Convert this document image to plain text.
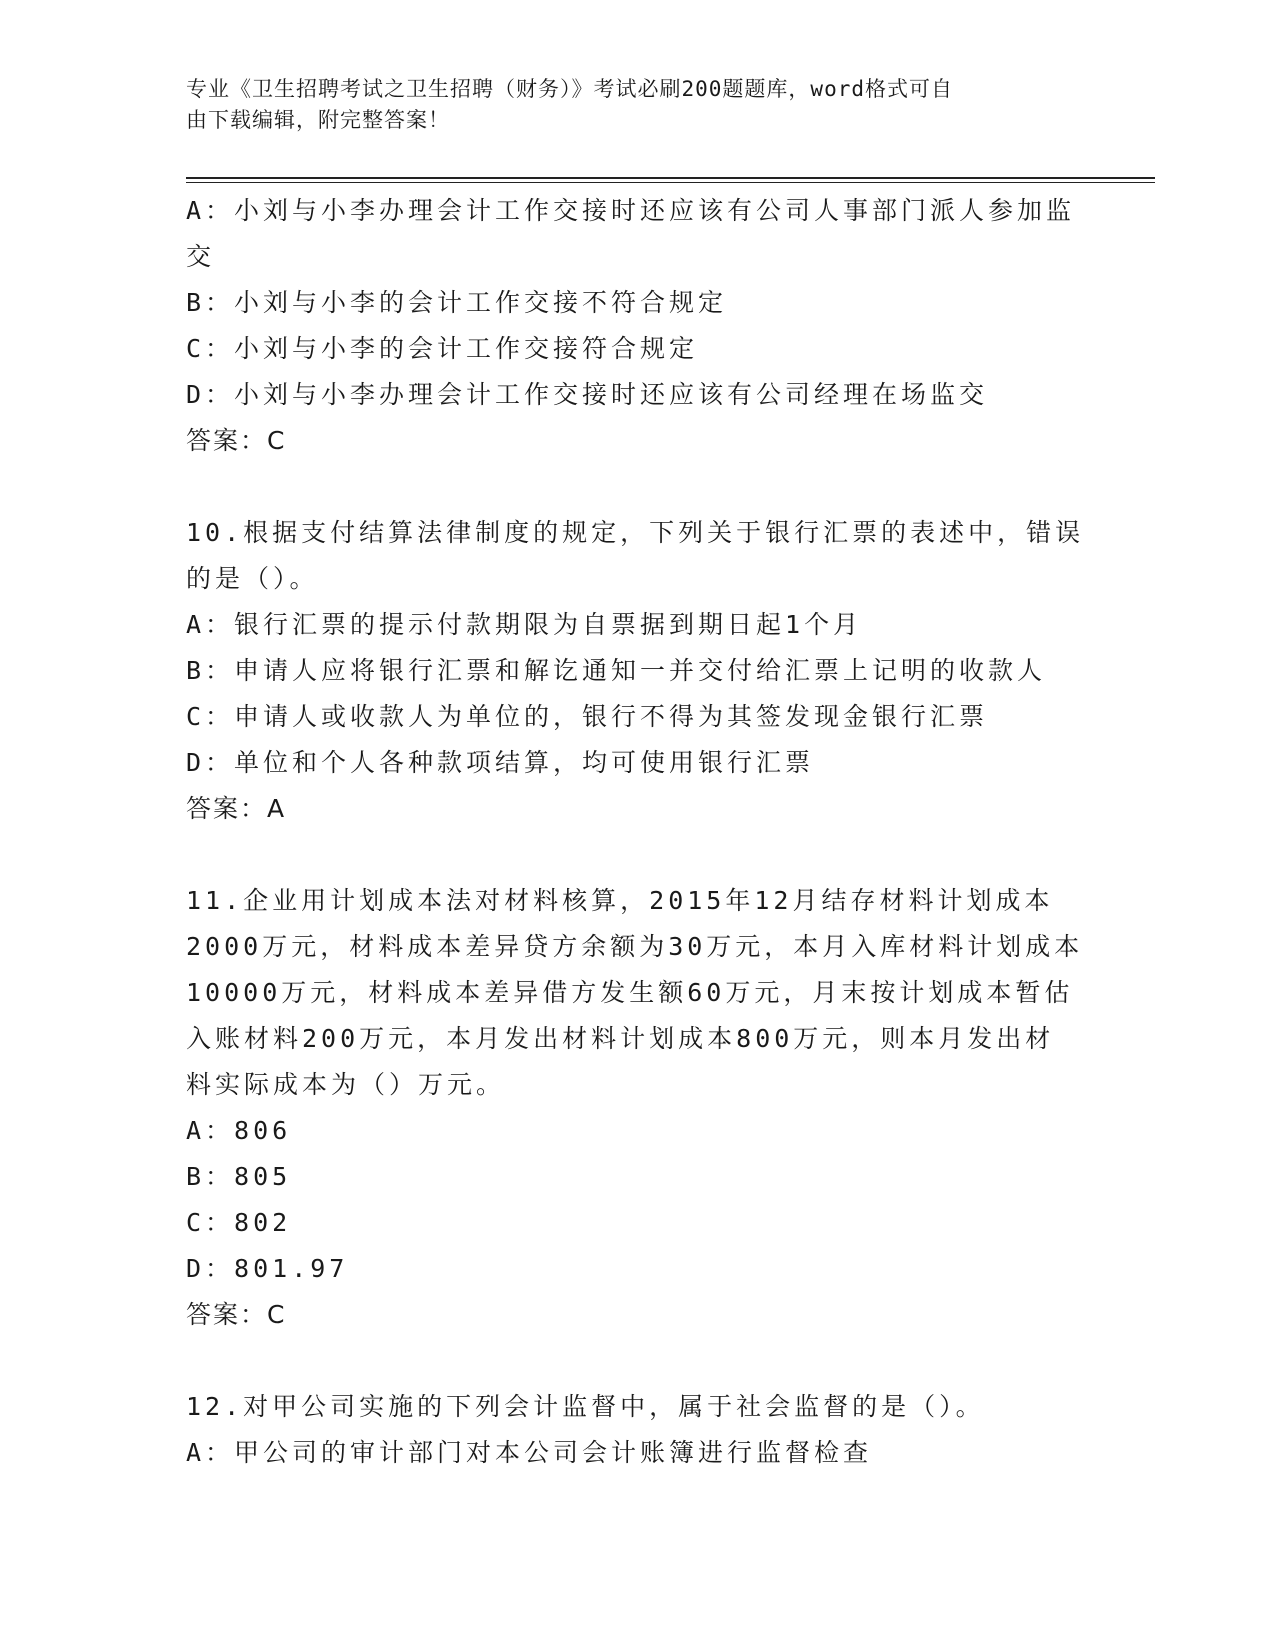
专业《卫生招聘考试之卫生招聘（财务）》考试必刷200题题库，word格式可自
由下载编辑，附完整答案！
A：小刘与小李办理会计工作交接时还应该有公司人事部门派人参加监
交
B：小刘与小李的会计工作交接不符合规定
C：小刘与小李的会计工作交接符合规定
D：小刘与小李办理会计工作交接时还应该有公司经理在场监交
答案：C
10.根据支付结算法律制度的规定，下列关于银行汇票的表述中，错误
的是（）。
A：银行汇票的提示付款期限为自票据到期日起1个月
B：申请人应将银行汇票和解讫通知一并交付给汇票上记明的收款人
C：申请人或收款人为单位的，银行不得为其签发现金银行汇票
D：单位和个人各种款项结算，均可使用银行汇票
答案：A
11.企业用计划成本法对材料核算，2015年12月结存材料计划成本
2000万元，材料成本差异贷方余额为30万元，本月入库材料计划成本
10000万元，材料成本差异借方发生额60万元，月末按计划成本暂估
入账材料200万元，本月发出材料计划成本800万元，则本月发出材
料实际成本为（）万元。
A：806
B：805
C：802
D：801.97
答案：C
12.对甲公司实施的下列会计监督中，属于社会监督的是（）。
A：甲公司的审计部门对本公司会计账簿进行监督检查
